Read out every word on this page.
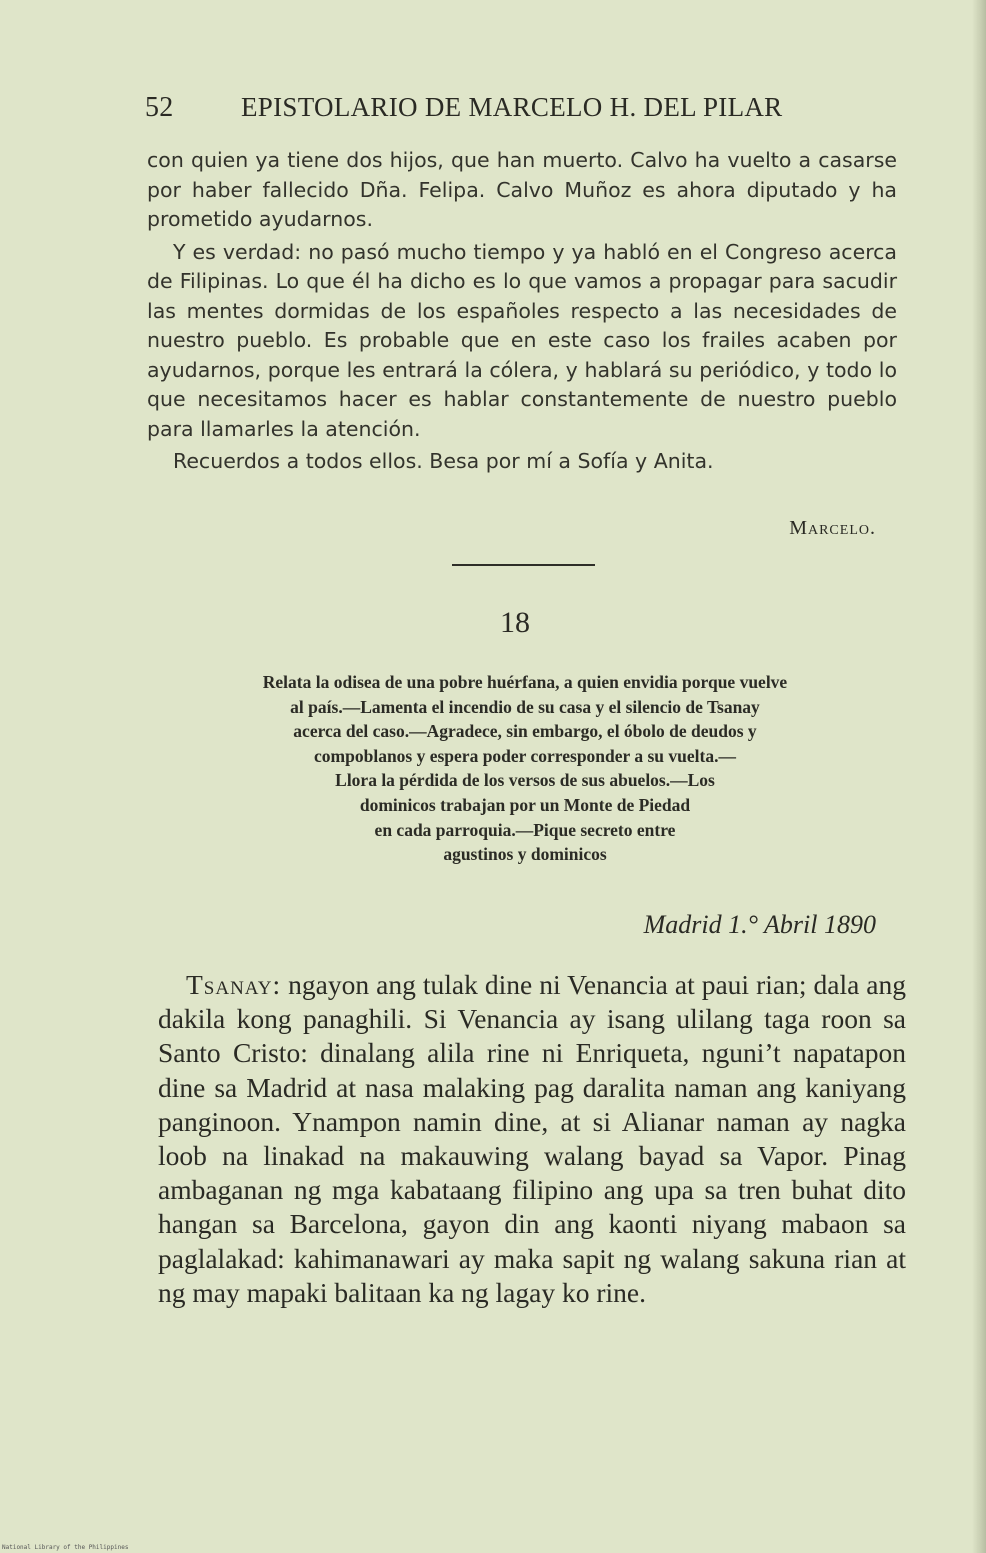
52 EPISTOLARIO DE MARCELO H. DEL PILAR

con quien ya tiene dos hijos, que han muerto. Calvo ha vuelto a casarse por haber fallecido Dña. Felipa. Calvo Muñoz es ahora diputado y ha prometido ayudarnos.

Y es verdad: no pasó mucho tiempo y ya habló en el Congreso acerca de Filipinas. Lo que él ha dicho es lo que vamos a propagar para sacudir las mentes dormidas de los españoles respecto a las necesidades de nuestro pueblo. Es probable que en este caso los frailes acaben por ayudarnos, porque les entrará la cólera, y hablará su periódico, y todo lo que necesitamos hacer es hablar constantemente de nuestro pueblo para llamarles la atención.

Recuerdos a todos ellos. Besa por mí a Sofía y Anita.

Marcelo.
18
Relata la odisea de una pobre huérfana, a quien envidia porque vuelve
al país.—Lamenta el incendio de su casa y el silencio de Tsanay
acerca del caso.—Agradece, sin embargo, el óbolo de deudos y
compoblanos y espera poder corresponder a su vuelta.—
Llora la pérdida de los versos de sus abuelos.—Los
dominicos trabajan por un Monte de Piedad
en cada parroquia.—Pique secreto entre
agustinos y dominicos
Madrid 1.° Abril 1890

Tsanay: ngayon ang tulak dine ni Venancia at paui rian; dala ang dakila kong panaghili. Si Venancia ay isang ulilang taga roon sa Santo Cristo: dinalang alila rine ni Enriqueta, nguni’t napatapon dine sa Madrid at nasa malaking pag daralita naman ang kaniyang panginoon. Ynampon namin dine, at si Alianar naman ay nagka loob na linakad na makauwing walang bayad sa Vapor. Pinag ambaganan ng mga kabataang filipino ang upa sa tren buhat dito hangan sa Barcelona, gayon din ang kaonti niyang mabaon sa paglalakad: kahimanawari ay maka sapit ng walang sakuna rian at ng may mapaki balitaan ka ng lagay ko rine.

National Library of the Philippines
